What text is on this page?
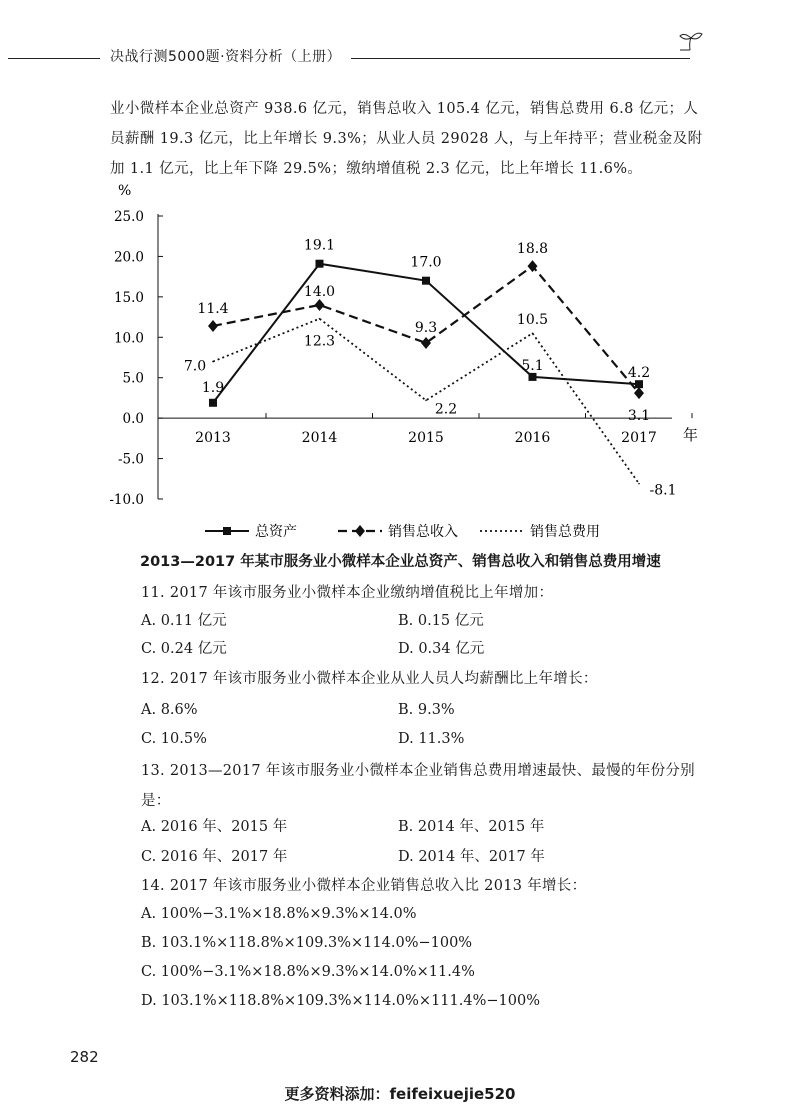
决战行测5000题·资料分析（上册）

业小微样本企业总资产 938.6 亿元，销售总收入 105.4 亿元，销售总费用 6.8 亿元；人员薪酬 19.3 亿元，比上年增长 9.3%；从业人员 29028 人，与上年持平；营业税金及附加 1.1 亿元，比上年下降 29.5%；缴纳增值税 2.3 亿元，比上年增长 11.6%。

%
年
25.0
20.0
15.0
10.0
5.0
0.0
-5.0
-10.0
2013	2014	2015	2016	2017
1.9
19.1
17.0
5.1	4.2
11.4
14.0
9.3
18.8
3.1
7.0
12.3
2.2
10.5
-8.1
总资产	销售总收入	销售总费用

2013—2017 年某市服务业小微样本企业总资产、销售总收入和销售总费用增速

11. 2017 年该市服务业小微样本企业缴纳增值税比上年增加：

A. 0.11 亿元	B. 0.15 亿元

C. 0.24 亿元	D. 0.34 亿元

12. 2017 年该市服务业小微样本企业从业人员人均薪酬比上年增长：

A. 8.6%	B. 9.3%

C. 10.5%	D. 11.3%

13. 2013—2017 年该市服务业小微样本企业销售总费用增速最快、最慢的年份分别是：

A. 2016 年、2015 年	B. 2014 年、2015 年

C. 2016 年、2017 年	D. 2014 年、2017 年

14. 2017 年该市服务业小微样本企业销售总收入比 2013 年增长：

A. 100%−3.1%×18.8%×9.3%×14.0%

B. 103.1%×118.8%×109.3%×114.0%−100%

C. 100%−3.1%×18.8%×9.3%×14.0%×11.4%

D. 103.1%×118.8%×109.3%×114.0%×111.4%−100%

282
更多资料添加：feifeixuejie520
